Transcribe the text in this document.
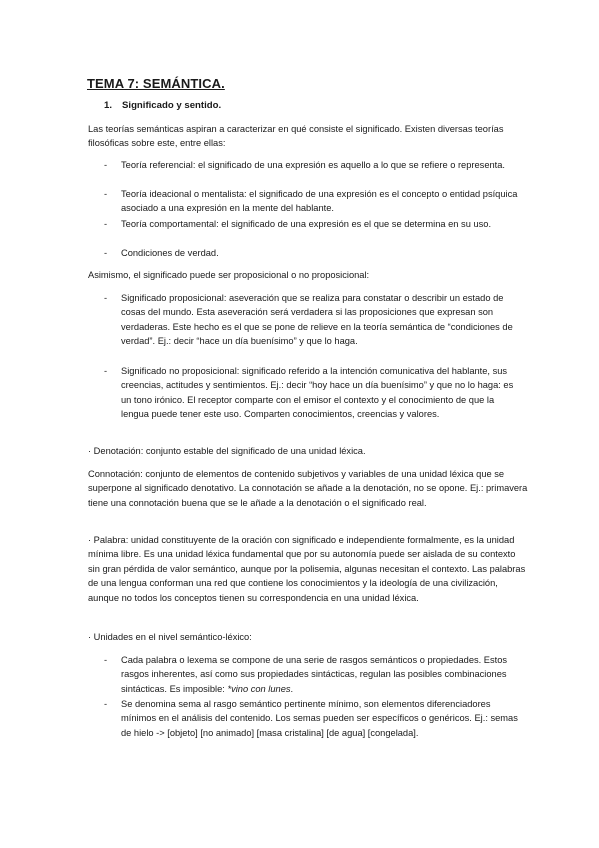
TEMA 7: SEMÁNTICA.
1. Significado y sentido.
Las teorías semánticas aspiran a caracterizar en qué consiste el significado. Existen diversas teorías filosóficas sobre este, entre ellas:
-	Teoría referencial: el significado de una expresión es aquello a lo que se refiere o representa.
-	Teoría ideacional o mentalista: el significado de una expresión es el concepto o entidad psíquica asociado a una expresión en la mente del hablante.
-	Teoría comportamental: el significado de una expresión es el que se determina en su uso.
-	Condiciones de verdad.
Asimismo, el significado puede ser proposicional o no proposicional:
-	Significado proposicional: aseveración que se realiza para constatar o describir un estado de cosas del mundo. Esta aseveración será verdadera si las proposiciones que expresan son verdaderas. Este hecho es el que se pone de relieve en la teoría semántica de “condiciones de verdad”. Ej.: decir “hace un día buenísimo” y que lo haga.
-	Significado no proposicional: significado referido a la intención comunicativa del hablante, sus creencias, actitudes y sentimientos. Ej.: decir “hoy hace un día buenísimo” y que no lo haga: es un tono irónico. El receptor comparte con el emisor el contexto y el conocimiento de que la lengua puede tener este uso. Comparten conocimientos, creencias y valores.
· Denotación: conjunto estable del significado de una unidad léxica.
Connotación: conjunto de elementos de contenido subjetivos y variables de una unidad léxica que se superpone al significado denotativo. La connotación se añade a la denotación, no se opone. Ej.: primavera tiene una connotación buena que se le añade a la denotación o el significado real.
· Palabra: unidad constituyente de la oración con significado e independiente formalmente, es la unidad mínima libre. Es una unidad léxica fundamental que por su autonomía puede ser aislada de su contexto sin gran pérdida de valor semántico, aunque por la polisemia, algunas necesitan el contexto. Las palabras de una lengua conforman una red que contiene los conocimientos y la ideología de una civilización, aunque no todos los conceptos tienen su correspondencia en una unidad léxica.
· Unidades en el nivel semántico-léxico:
-	Cada palabra o lexema se compone de una serie de rasgos semánticos o propiedades. Estos rasgos inherentes, así como sus propiedades sintácticas, regulan las posibles combinaciones sintácticas. Es imposible: *vino con lunes.
-	Se denomina sema al rasgo semántico pertinente mínimo, son elementos diferenciadores mínimos en el análisis del contenido. Los semas pueden ser específicos o genéricos. Ej.: semas de hielo -> [objeto] [no animado] [masa cristalina] [de agua] [congelada].
